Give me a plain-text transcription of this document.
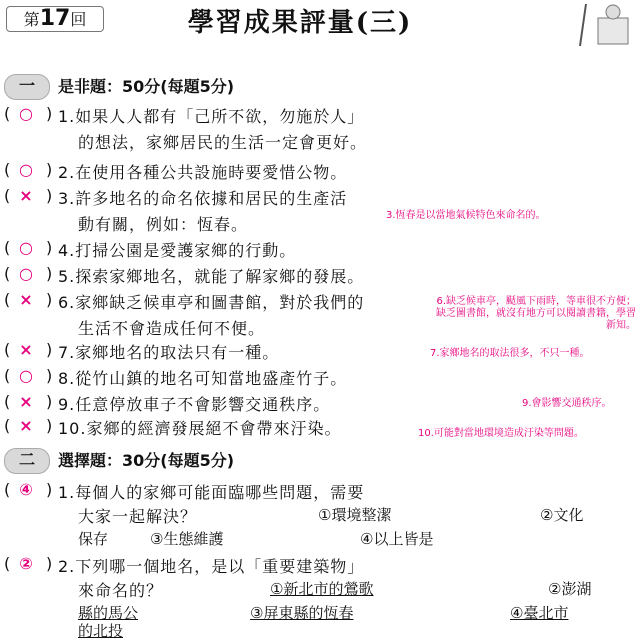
第17回	學習成果評量(三)
一	是非題：50分(每題5分)
( ○ ) 1.如果人人都有「己所不欲，勿施於人」
的想法，家鄉居民的生活一定會更好。
( ○ ) 2.在使用各種公共設施時要愛惜公物。
( × ) 3.許多地名的命名依據和居民的生產活
動有關，例如：恆春。	3.恆春是以當地氣候特色來命名的。
( ○ ) 4.打掃公園是愛護家鄉的行動。
( ○ ) 5.探索家鄉地名，就能了解家鄉的發展。
( × ) 6.家鄉缺乏候車亭和圖書館，對於我們的
生活不會造成任何不便。
6.缺乏候車亭，颳風下雨時，等車很不方便；缺乏圖書館，就沒有地方可以閱讀書籍，學習新知。
( × ) 7.家鄉地名的取法只有一種。	7.家鄉地名的取法很多，不只一種。
( ○ ) 8.從竹山鎮的地名可知當地盛產竹子。
( × ) 9.任意停放車子不會影響交通秩序。	9.會影響交通秩序。
( × ) 10.家鄉的經濟發展絕不會帶來汙染。	10.可能對當地環境造成汙染等問題。
二	選擇題：30分(每題5分)
( ④ ) 1.每個人的家鄉可能面臨哪些問題，需要
大家一起解決？	①環境整潔	②文化
保存	③生態維護	④以上皆是
( ② ) 2.下列哪一個地名，是以「重要建築物」
來命名的？	①新北市的鶯歌	②澎湖
縣的馬公	③屏東縣的恆春	④臺北市
的北投
